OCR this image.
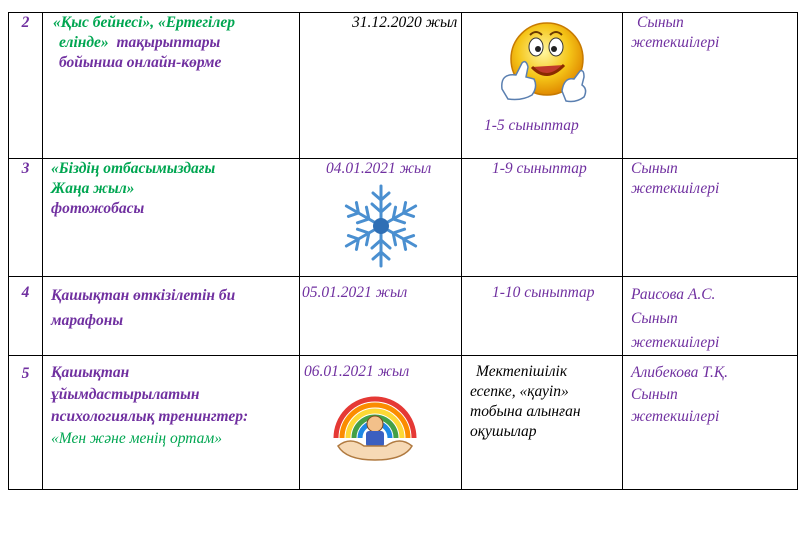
2	«Қыс бейнесі», «Ертегілер
елінде»  тақырыптары
бойынша онлайн-көрме	31.12.2020 жыл	1-5 сыныптар	Сынып
жетекшілері

3	«Біздің отбасымыздағы
Жаңа жыл»
фотожобасы	04.01.2021 жыл	1-9 сыныптар	Сынып
жетекшілері

4	Қашықтан өткізілетін би
марафоны	05.01.2021 жыл	1-10 сыныптар	Раисова А.С.
Сынып
жетекшілері

5	Қашықтан
ұйымдастырылатын
психологиялық тренингтер:
«Мен және менің ортам»	06.01.2021 жыл	Мектепішілік
есепке, «қауіп»
тобына алынған
оқушылар	Алибекова Т.Қ.
Сынып
жетекшілері
